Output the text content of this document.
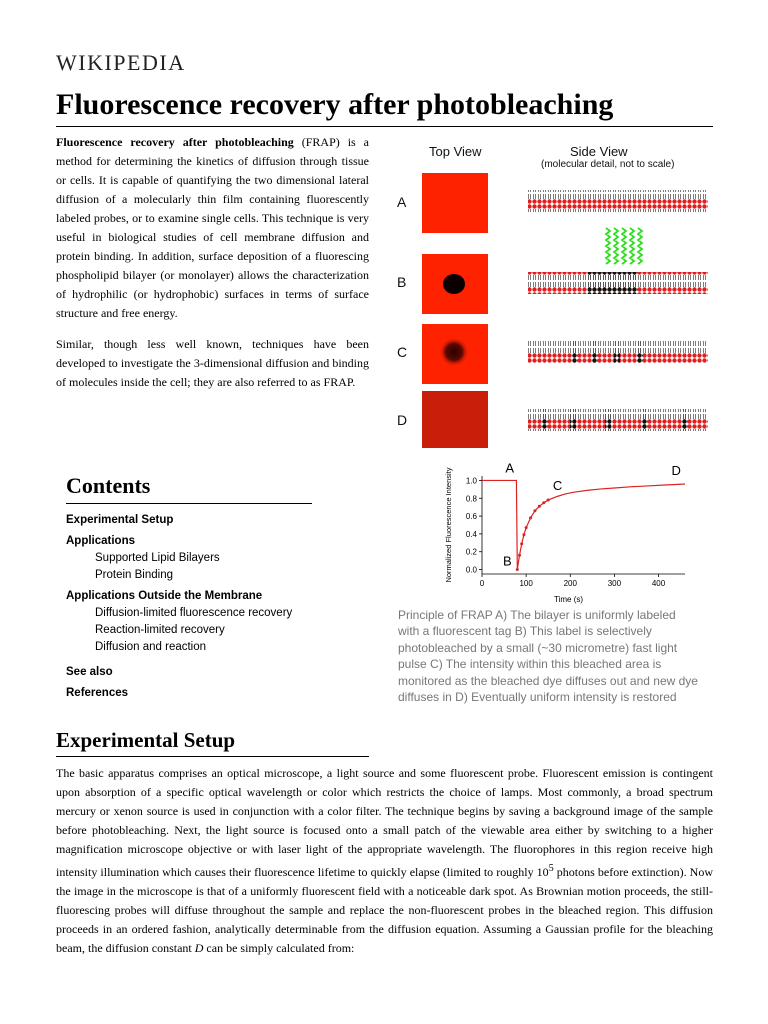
WIKIPEDIA
Fluorescence recovery after photobleaching

Fluorescence recovery after photobleaching (FRAP) is a method for determining the kinetics of diffusion through tissue or cells. It is capable of quantifying the two dimensional lateral diffusion of a molecularly thin film containing fluorescently labeled probes, or to examine single cells. This technique is very useful in biological studies of cell membrane diffusion and protein binding. In addition, surface deposition of a fluorescing phospholipid bilayer (or monolayer) allows the characterization of hydrophilic (or hydrophobic) surfaces in terms of surface structure and free energy.

Similar, though less well known, techniques have been developed to investigate the 3-dimensional diffusion and binding of molecules inside the cell; they are also referred to as FRAP.

Top View	Side View
(molecular detail, not to scale)
A
B
C
D
0.0
0.2
0.4
0.6
0.8
1.0
0	100	200	300	400
Time (s)
Normalized Fluorescence Intensity	A
B
C
D
Principle of FRAP A) The bilayer is uniformly labeled with a fluorescent tag B) This label is selectively photobleached by a small (~30 micrometre) fast light pulse C) The intensity within this bleached area is monitored as the bleached dye diffuses out and new dye diffuses in D) Eventually uniform intensity is restored
Contents
Experimental Setup
Applications
Supported Lipid Bilayers
Protein Binding
Applications Outside the Membrane
Diffusion-limited fluorescence recovery
Reaction-limited recovery
Diffusion and reaction
See also
References
Experimental Setup

The basic apparatus comprises an optical microscope, a light source and some fluorescent probe. Fluorescent emission is contingent upon absorption of a specific optical wavelength or color which restricts the choice of lamps. Most commonly, a broad spectrum mercury or xenon source is used in conjunction with a color filter. The technique begins by saving a background image of the sample before photobleaching. Next, the light source is focused onto a small patch of the viewable area either by switching to a higher magnification microscope objective or with laser light of the appropriate wavelength. The fluorophores in this region receive high intensity illumination which causes their fluorescence lifetime to quickly elapse (limited to roughly $10^5$ photons before extinction). Now the image in the microscope is that of a uniformly fluorescent field with a noticeable dark spot. As Brownian motion proceeds, the still-fluorescing probes will diffuse throughout the sample and replace the non-fluorescent probes in the bleached region. This diffusion proceeds in an ordered fashion, analytically determinable from the diffusion equation. Assuming a Gaussian profile for the bleaching beam, the diffusion constant D can be simply calculated from:
